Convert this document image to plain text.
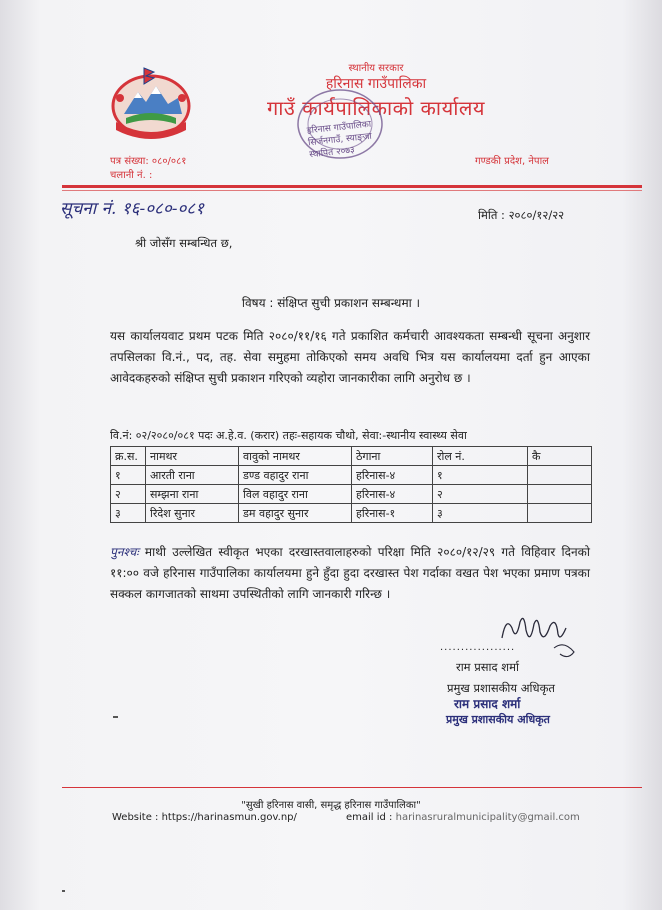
स्थानीय सरकार
हरिनास गाउँपालिका
गाउँ कार्यपालिकाको कार्यालय
हरिनास गाउँपालिका
सिर्जनगाउँ, स्याङ्जा
स्थापित २०७३
पत्र संख्या: ०८०/०८१
चलानी नं. :
गण्डकी प्रदेश, नेपाल
सूचना नं. १६-०८०-०८१	मिति : २०८०/१२/२२
श्री जोसँग सम्बन्धित छ,
विषय : संक्षिप्त सुची प्रकाशन सम्बन्धमा ।
यस कार्यालयवाट प्रथम पटक मिति २०८०/११/१६ गते प्रकाशित कर्मचारी आवश्यकता सम्बन्धी सूचना अनुशार तपसिलका वि.नं., पद, तह. सेवा समुहमा तोकिएको समय अवधि भित्र यस कार्यालयमा दर्ता हुन आएका आवेदकहरुको संक्षिप्त सुची प्रकाशन गरिएको व्यहोरा जानकारीका लागि अनुरोध छ ।
वि.नं: ०२/२०८०/०८१ पदः अ.हे.व. (करार) तहः-सहायक चौथो, सेवा:-स्थानीय स्वास्थ्य सेवा
क्र.स.	नामथर	वावुको नामथर	ठेगाना	रोल नं.	कै
१	आरती राना	डण्ड वहादुर राना	हरिनास-४	१	
२	सम्झना राना	विल वहादुर राना	हरिनास-४	२	
३	रिदेश सुनार	डम वहादुर सुनार	हरिनास-१	३	
पुनश्चः माथी उल्लेखित स्वीकृत भएका दरखास्तवालाहरुको परिक्षा मिति २०८०/१२/२९ गते विहिवार दिनको ११:०० वजे हरिनास गाउँपालिका कार्यालयमा हुने हुँदा हुदा दरखास्त पेश गर्दाका वखत पेश भएका प्रमाण पत्रका सक्कल कागजातको साथमा उपस्थितीको लागि जानकारी गरिन्छ ।
..................
राम प्रसाद शर्मा
प्रमुख प्रशासकीय अधिकृत
राम प्रसाद शर्मा
प्रमुख प्रशासकीय अधिकृत
"सुखी हरिनास वासी, समृद्ध हरिनास गाउँपालिका"
Website : https://harinasmun.gov.np/	email id : harinasruralmunicipality@gmail.com
